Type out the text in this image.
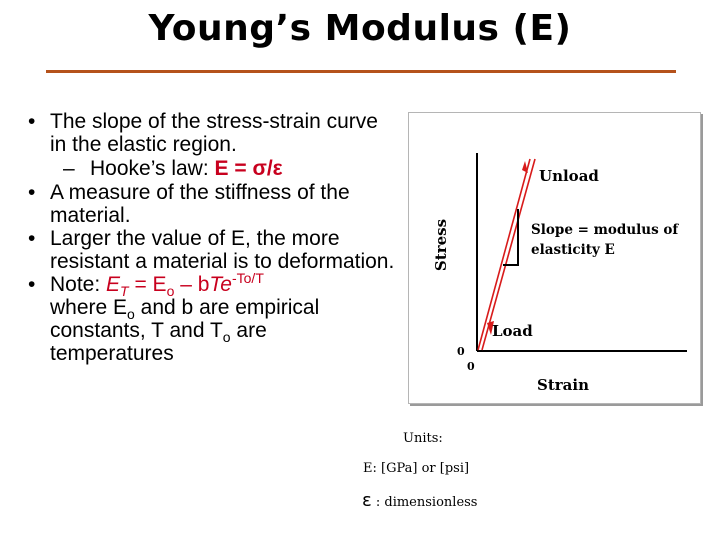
Young’s Modulus (E)
• The slope of the stress-strain curve in the elastic region.
– Hooke’s law: E = σ/ε
• A measure of the stiffness of the material.
• Larger the value of E, the more resistant a material is to deformation.
• Note: $E_T = E_o - bTe^{-To/T}$
where $E_o$ and b are empirical constants, T and $T_o$ are temperatures
Stress
Strain
0
0
Unload
Slope = modulus of
elasticity E
Load
Units:
E: [GPa] or [psi]
ε : dimensionless
